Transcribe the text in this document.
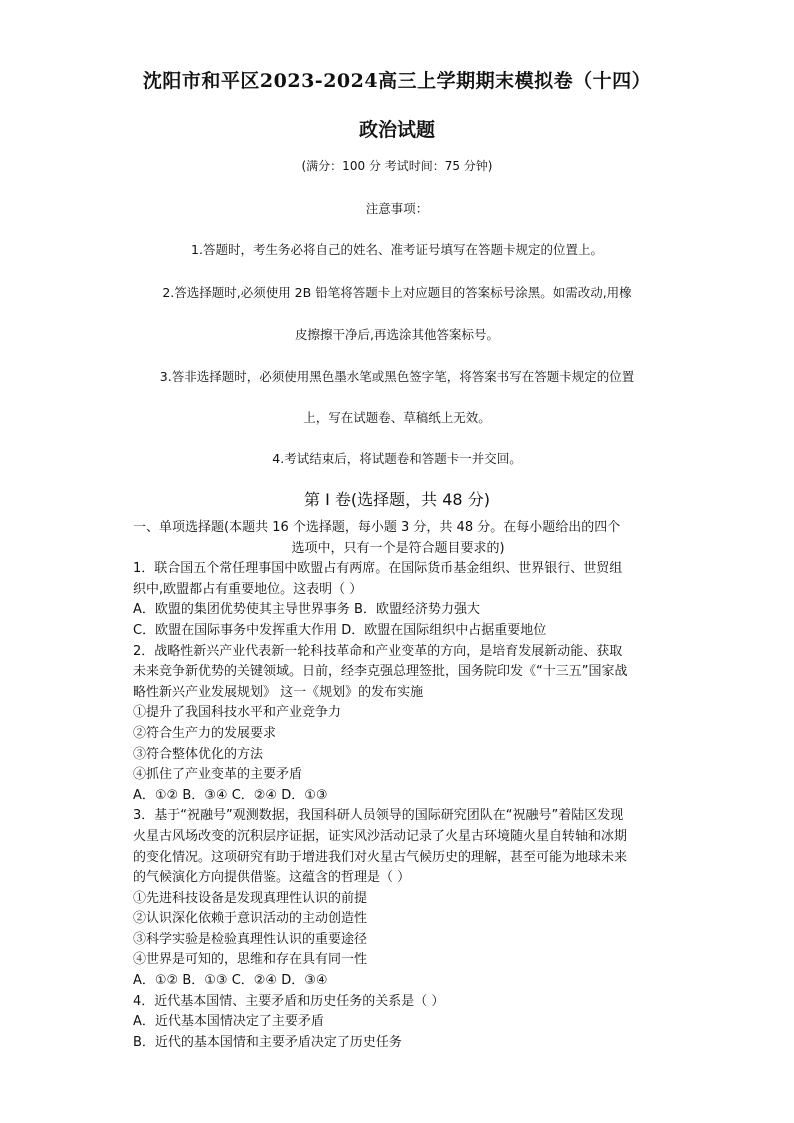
沈阳市和平区2023-2024高三上学期期末模拟卷（十四）
政治试题
(满分：100 分 考试时间：75 分钟)
注意事项：
1.答题时，考生务必将自己的姓名、准考证号填写在答题卡规定的位置上。
2.答选择题时,必须使用 2B 铅笔将答题卡上对应题目的答案标号涂黑。如需改动,用橡
皮擦擦干净后,再选涂其他答案标号。
3.答非选择题时，必须使用黑色墨水笔或黑色签字笔，将答案书写在答题卡规定的位置
上，写在试题卷、草稿纸上无效。
4.考试结束后，将试题卷和答题卡一并交回。
第 Ⅰ 卷(选择题，共 48 分)
一、单项选择题(本题共 16 个选择题，每小题 3 分，共 48 分。在每小题给出的四个
选项中，只有一个是符合题目要求的)
1．联合国五个常任理事国中欧盟占有两席。在国际货币基金组织、世界银行、世贸组
织中,欧盟都占有重要地位。这表明（ ）
A．欧盟的集团优势使其主导世界事务 B．欧盟经济势力强大
C．欧盟在国际事务中发挥重大作用 D．欧盟在国际组织中占据重要地位
2．战略性新兴产业代表新一轮科技革命和产业变革的方向，是培育发展新动能、获取
未来竞争新优势的关键领域。日前，经李克强总理签批，国务院印发《“十三五”国家战
略性新兴产业发展规划》 这一《规划》的发布实施
①提升了我国科技水平和产业竞争力
②符合生产力的发展要求
③符合整体优化的方法
④抓住了产业变革的主要矛盾
A．①② B．③④ C．②④ D．①③
3．基于“祝融号”观测数据，我国科研人员领导的国际研究团队在“祝融号”着陆区发现
火星古风场改变的沉积层序证据，证实风沙活动记录了火星古环境随火星自转轴和冰期
的变化情况。这项研究有助于增进我们对火星古气候历史的理解，甚至可能为地球未来
的气候演化方向提供借鉴。这蕴含的哲理是（ ）
①先进科技设备是发现真理性认识的前提
②认识深化依赖于意识活动的主动创造性
③科学实验是检验真理性认识的重要途径
④世界是可知的，思维和存在具有同一性
A．①② B．①③ C．②④ D．③④
4．近代基本国情、主要矛盾和历史任务的关系是（ ）
A．近代基本国情决定了主要矛盾
B．近代的基本国情和主要矛盾决定了历史任务
